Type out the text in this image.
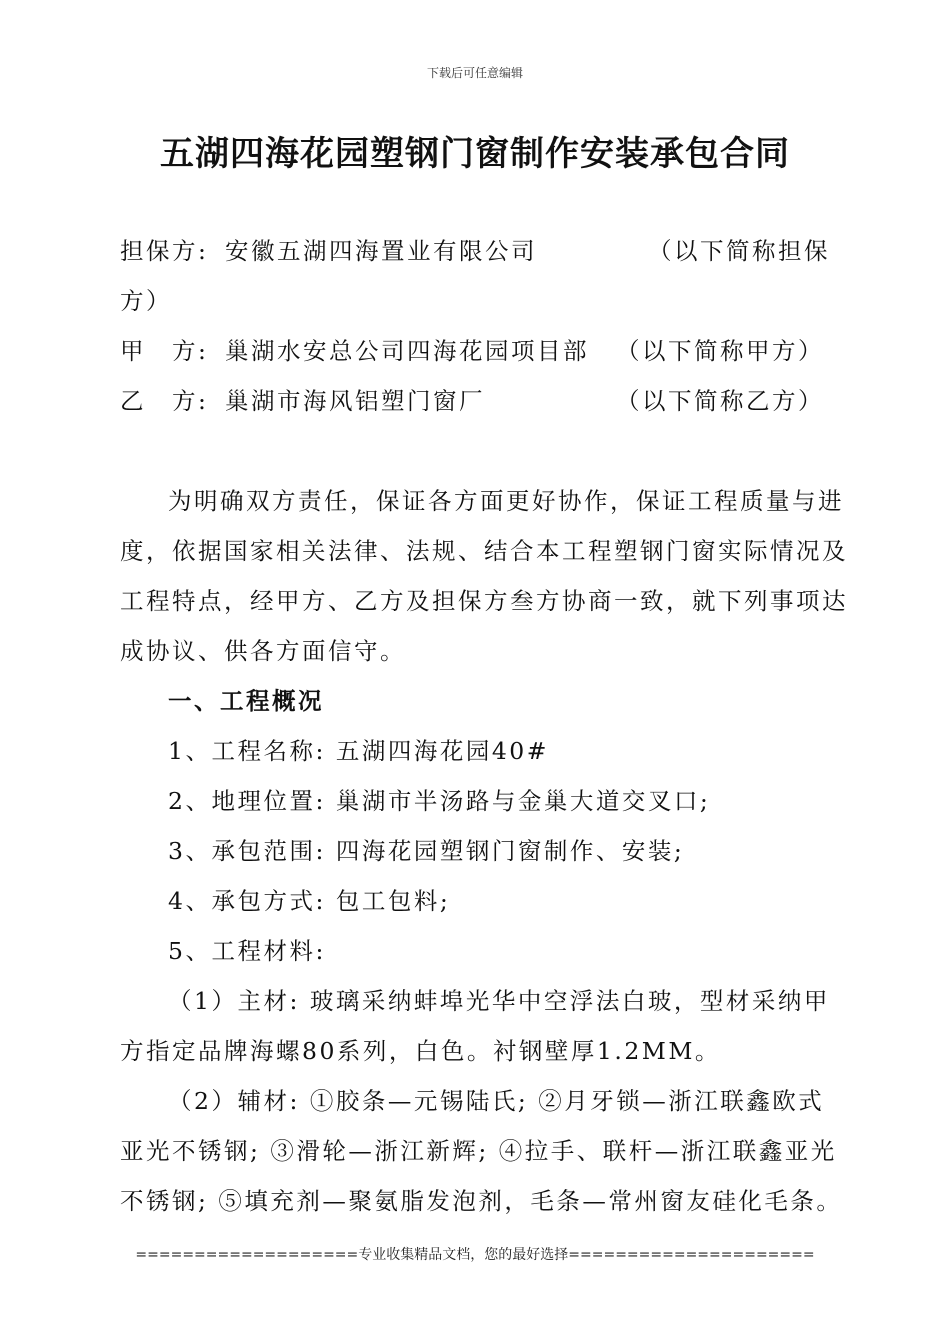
下载后可任意编辑
五湖四海花园塑钢门窗制作安装承包合同
担保方: 安徽五湖四海置业有限公司	（以下简称担保
方）
甲　方: 巢湖水安总公司四海花园项目部 （以下简称甲方）
乙　方: 巢湖市海风铝塑门窗厂	（以下简称乙方）
为明确双方责任，保证各方面更好协作，保证工程质量与进
度，依据国家相关法律、法规、结合本工程塑钢门窗实际情况及
工程特点，经甲方、乙方及担保方叁方协商一致，就下列事项达
成协议、供各方面信守。
一、工程概况
1、工程名称: 五湖四海花园40#
2、地理位置: 巢湖市半汤路与金巢大道交叉口;
3、承包范围: 四海花园塑钢门窗制作、安装;
4、承包方式: 包工包料;
5、工程材料:
（1）主材: 玻璃采纳蚌埠光华中空浮法白玻，型材采纳甲
方指定品牌海螺80系列，白色。衬钢壁厚1.2MM。
（2）辅材: ①胶条—元锡陆氏; ②月牙锁—浙江联鑫欧式
亚光不锈钢; ③滑轮—浙江新辉; ④拉手、联杆—浙江联鑫亚光
不锈钢; ⑤填充剂—聚氨脂发泡剂，毛条—常州窗友硅化毛条。
===================专业收集精品文档，您的最好选择=====================
